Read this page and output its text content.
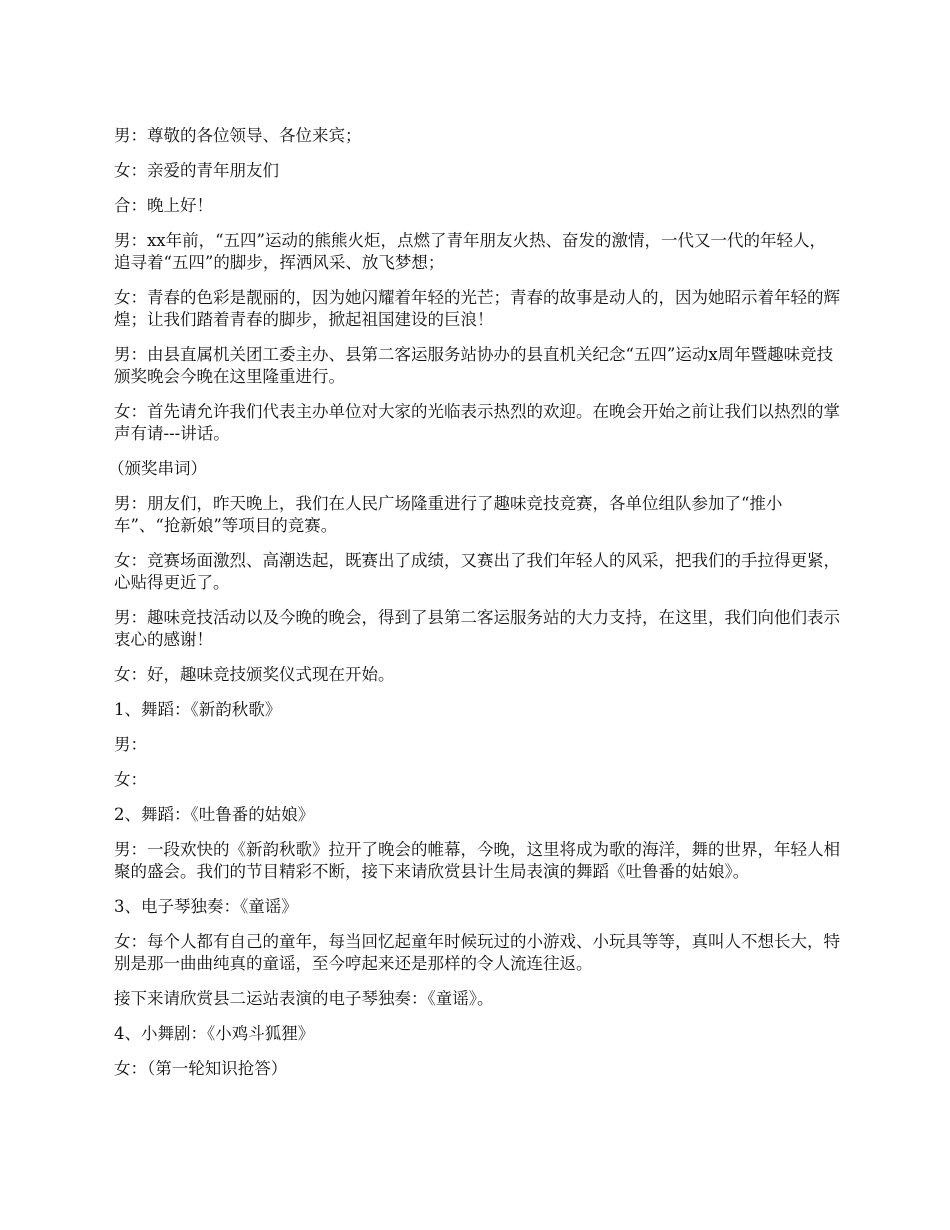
男：尊敬的各位领导、各位来宾；

女：亲爱的青年朋友们

合：晚上好！

男：xx年前，“五四”运动的熊熊火炬，点燃了青年朋友火热、奋发的激情，一代又一代的年轻人，追寻着“五四”的脚步，挥洒风采、放飞梦想；

女：青春的色彩是靓丽的，因为她闪耀着年轻的光芒；青春的故事是动人的，因为她昭示着年轻的辉煌；让我们踏着青春的脚步，掀起祖国建设的巨浪！

男：由县直属机关团工委主办、县第二客运服务站协办的县直机关纪念“五四”运动x周年暨趣味竞技颁奖晚会今晚在这里隆重进行。

女：首先请允许我们代表主办单位对大家的光临表示热烈的欢迎。在晚会开始之前让我们以热烈的掌声有请---讲话。

（颁奖串词）

男：朋友们，昨天晚上，我们在人民广场隆重进行了趣味竞技竞赛，各单位组队参加了“推小车”、“抢新娘”等项目的竞赛。

女：竞赛场面激烈、高潮迭起，既赛出了成绩，又赛出了我们年轻人的风采，把我们的手拉得更紧，心贴得更近了。

男：趣味竞技活动以及今晚的晚会，得到了县第二客运服务站的大力支持，在这里，我们向他们表示衷心的感谢！

女：好，趣味竞技颁奖仪式现在开始。

1、舞蹈：《新韵秋歌》

男：

女：

2、舞蹈：《吐鲁番的姑娘》

男：一段欢快的《新韵秋歌》拉开了晚会的帷幕，今晚，这里将成为歌的海洋，舞的世界，年轻人相聚的盛会。我们的节目精彩不断，接下来请欣赏县计生局表演的舞蹈《吐鲁番的姑娘》。

3、电子琴独奏：《童谣》

女：每个人都有自己的童年，每当回忆起童年时候玩过的小游戏、小玩具等等，真叫人不想长大，特别是那一曲曲纯真的童谣，至今哼起来还是那样的令人流连往返。

接下来请欣赏县二运站表演的电子琴独奏：《童谣》。

4、小舞剧：《小鸡斗狐狸》

女：（第一轮知识抢答）
